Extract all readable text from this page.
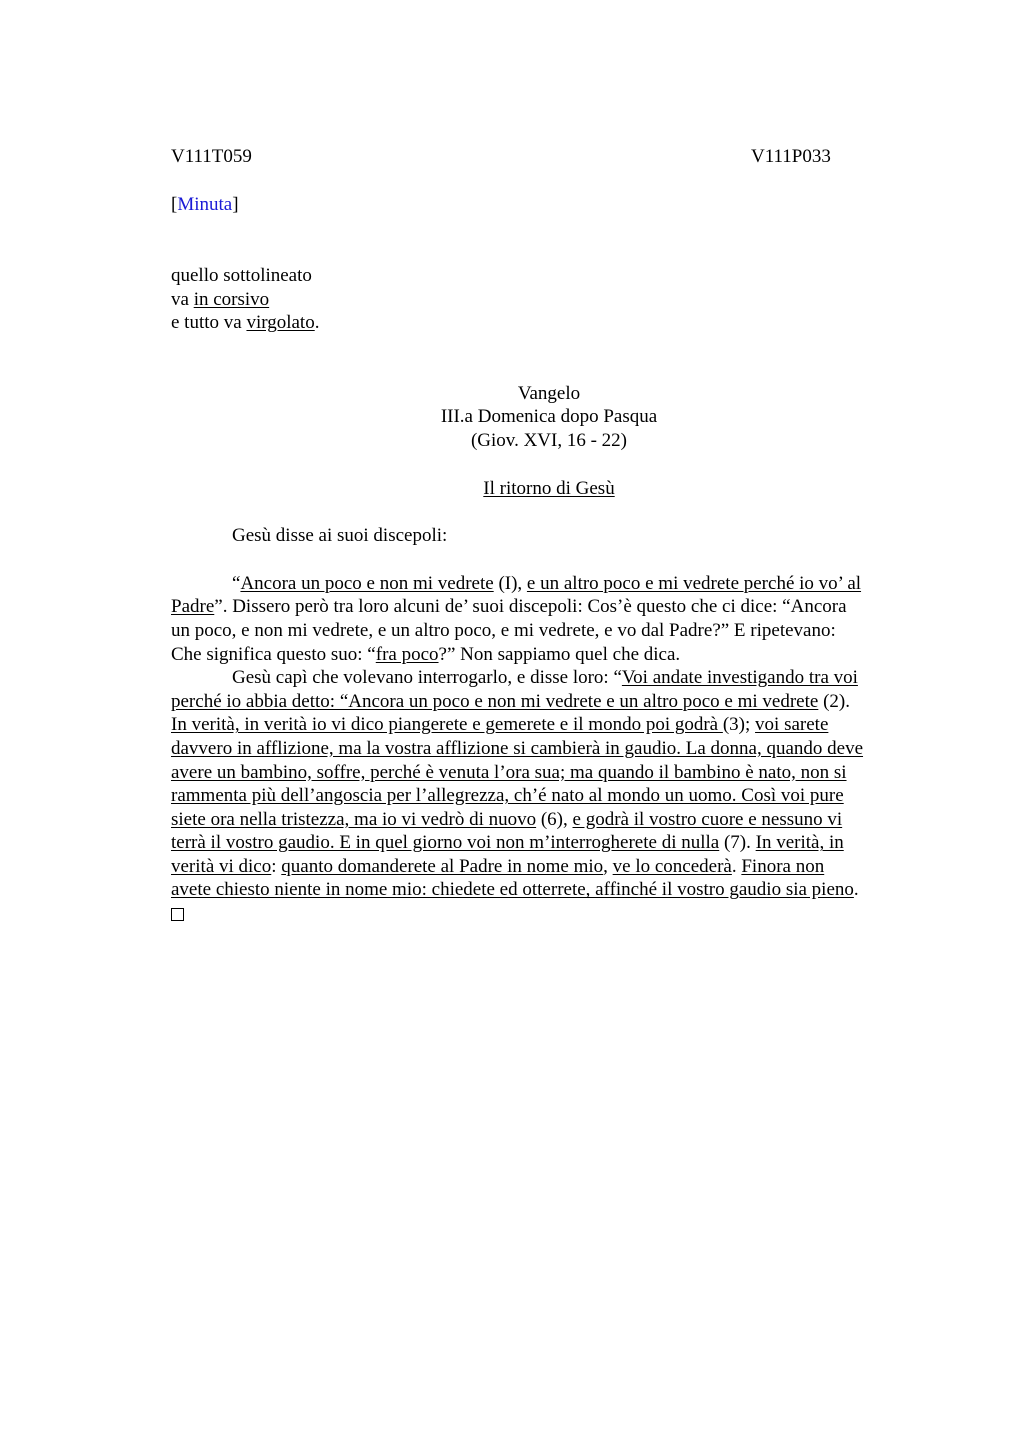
V111T059	V111P033
[Minuta]
quello sottolineato
va in corsivo
e tutto va virgolato.
Vangelo
III.a Domenica dopo Pasqua
(Giov. XVI, 16 - 22)
Il ritorno di Gesù
Gesù disse ai suoi discepoli:
“Ancora un poco e non mi vedrete (I), e un altro poco e mi vedrete perché io vo’ al
Padre”. Dissero però tra loro alcuni de’ suoi discepoli: Cos’è questo che ci dice: “Ancora
un poco, e non mi vedrete, e un altro poco, e mi vedrete, e vo dal Padre?” E ripetevano:
Che significa questo suo: “fra poco?” Non sappiamo quel che dica.
Gesù capì che volevano interrogarlo, e disse loro: “Voi andate investigando tra voi
perché io abbia detto: “Ancora un poco e non mi vedrete e un altro poco e mi vedrete (2).
In verità, in verità io vi dico piangerete e gemerete e il mondo poi godrà (3); voi sarete
davvero in afflizione, ma la vostra afflizione si cambierà in gaudio. La donna, quando deve
avere un bambino, soffre, perché è venuta l’ora sua; ma quando il bambino è nato, non si
rammenta più dell’angoscia per l’allegrezza, ch’é nato al mondo un uomo. Così voi pure
siete ora nella tristezza, ma io vi vedrò di nuovo (6), e godrà il vostro cuore e nessuno vi
terrà il vostro gaudio. E in quel giorno voi non m’interrogherete di nulla (7). In verità, in
verità vi dico: quanto domanderete al Padre in nome mio, ve lo concederà. Finora non
avete chiesto niente in nome mio: chiedete ed otterrete, affinché il vostro gaudio sia pieno.
